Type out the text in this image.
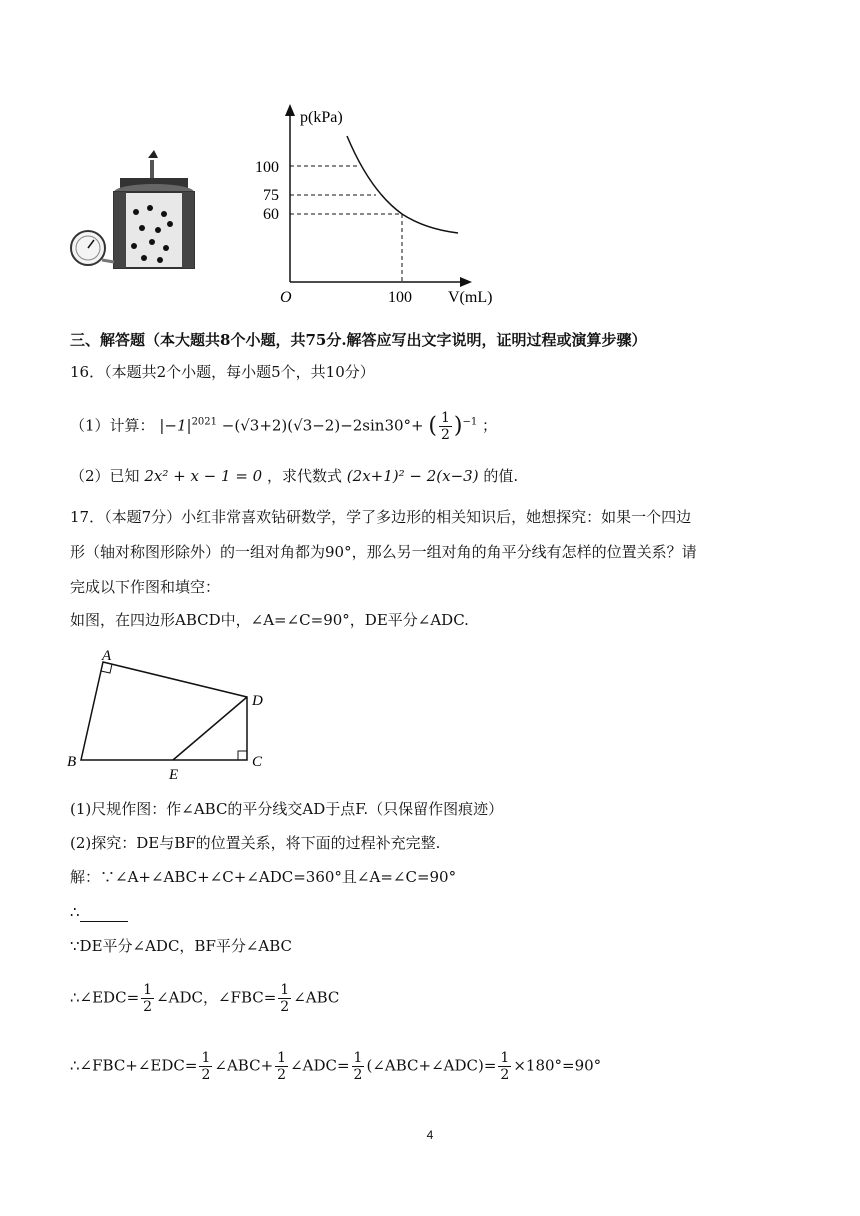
p(kPa)
100
75
60
O	100 V(mL)
三、解答题（本大题共8个小题，共75分.解答应写出文字说明，证明过程或演算步骤）
16．（本题共2个小题，每小题5个，共10分）
（1）计算： $|-1|^{2021} -(√3+2)(√3-2)-2\sin 30^\circ+$ ( $\frac{1}{2} )^{-1}$ ；
（2）已知 2x² + x − 1 = 0 ，求代数式 (2x+1)² − 2(x−3) 的值.
17．（本题7分）小红非常喜欢钻研数学，学了多边形的相关知识后，她想探究：如果一个四边
形（轴对称图形除外）的一组对角都为90°，那么另一组对角的角平分线有怎样的位置关系？请
完成以下作图和填空：
如图，在四边形ABCD中，∠A=∠C=90°，DE平分∠ADC.
A
D
B	C
E
(1)尺规作图：作∠ABC的平分线交AD于点F.（只保留作图痕迹）
(2)探究：DE与BF的位置关系，将下面的过程补充完整.
解：∵∠A+∠ABC+∠C+∠ADC=360°且∠A=∠C=90°
∴
∵DE平分∠ADC，BF平分∠ABC
∴∠EDC= $\frac{1}{2}$ ∠ADC，∠FBC= $\frac{1}{2}$ ∠ABC
∴∠FBC+∠EDC= $\frac{1}{2}$ ∠ABC+ $\frac{1}{2}$ ∠ADC= $\frac{1}{2}$ (∠ABC+∠ADC)= $\frac{1}{2} \times 180^\circ=90^\circ$
4
